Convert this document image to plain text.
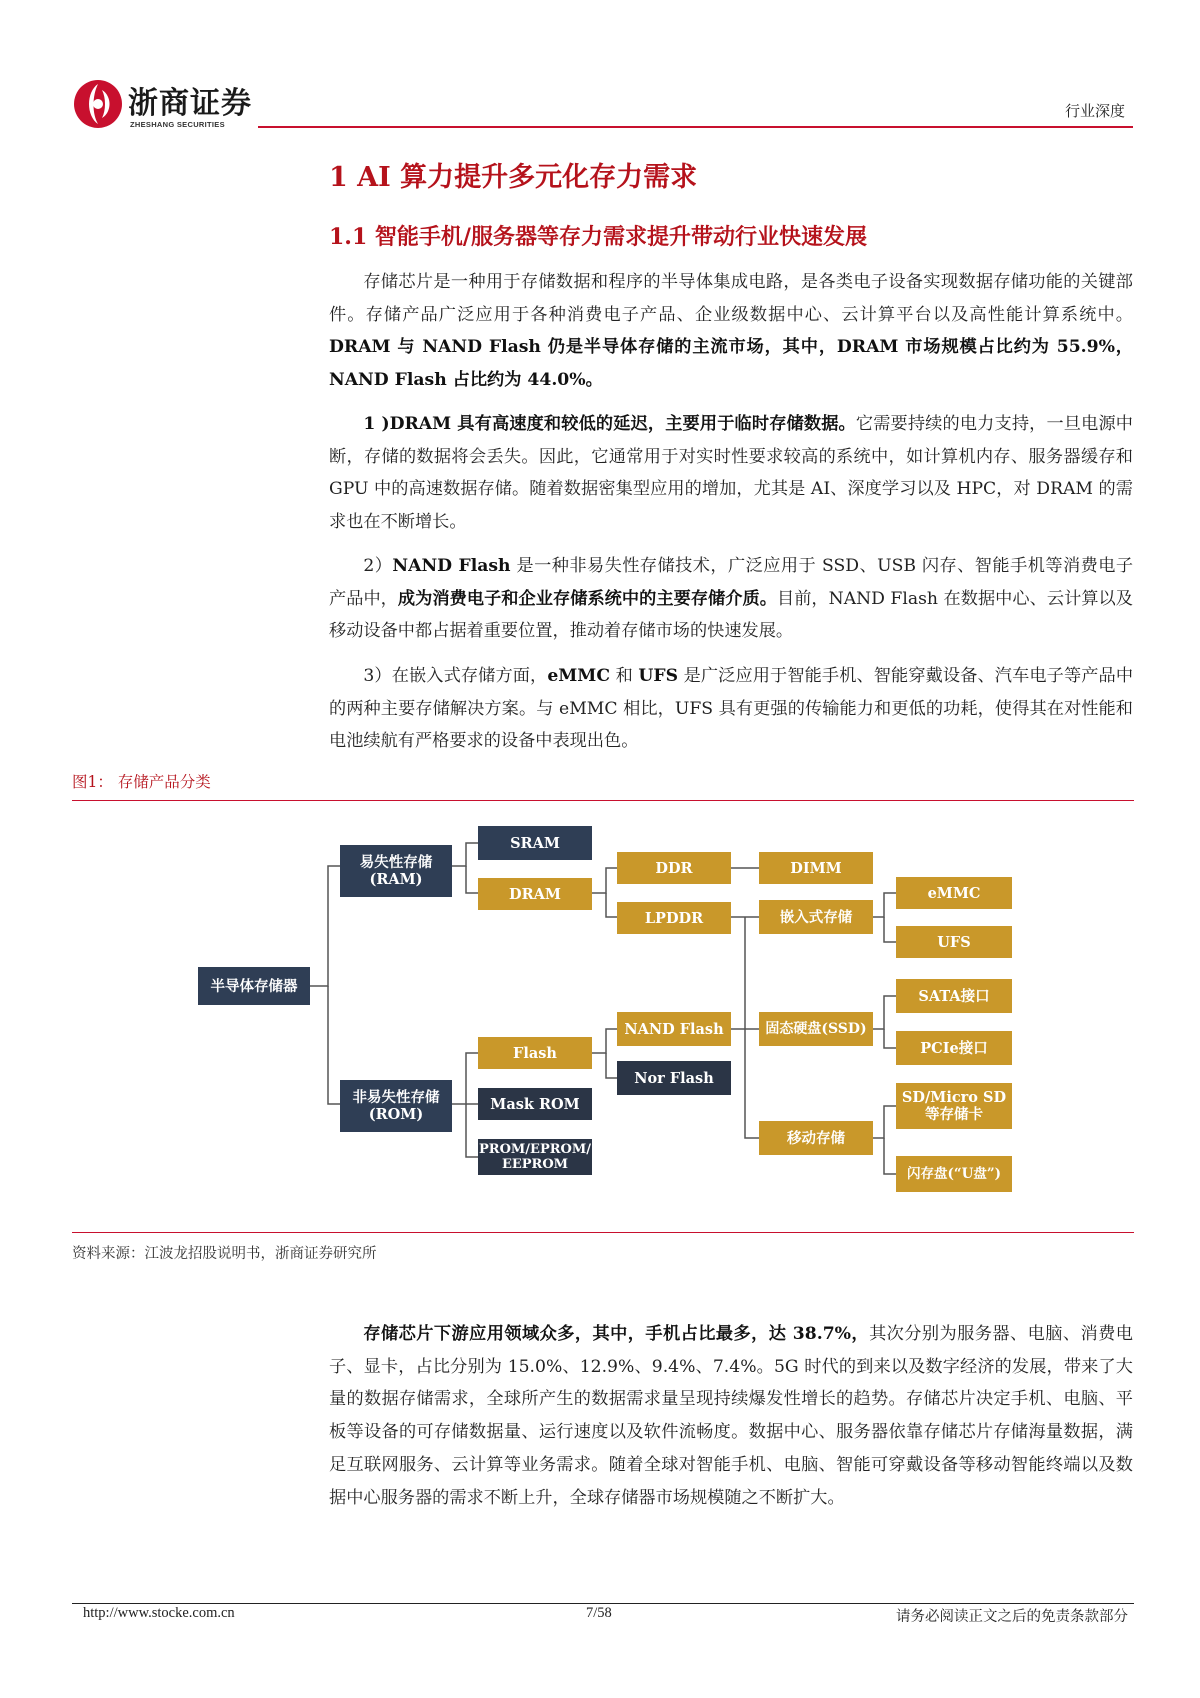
浙商证券
ZHESHANG SECURITIES
行业深度
1 AI 算力提升多元化存力需求
1.1 智能手机/服务器等存力需求提升带动行业快速发展
存储芯片是一种用于存储数据和程序的半导体集成电路，是各类电子设备实现数据存储功能的关键部件。存储产品广泛应用于各种消费电子产品、企业级数据中心、云计算平台以及高性能计算系统中。DRAM 与 NAND Flash 仍是半导体存储的主流市场，其中，DRAM 市场规模占比约为 55.9%，NAND Flash 占比约为 44.0%。
1 )DRAM 具有高速度和较低的延迟，主要用于临时存储数据。它需要持续的电力支持，一旦电源中断，存储的数据将会丢失。因此，它通常用于对实时性要求较高的系统中，如计算机内存、服务器缓存和 GPU 中的高速数据存储。随着数据密集型应用的增加，尤其是 AI、深度学习以及 HPC，对 DRAM 的需求也在不断增长。
2）NAND Flash 是一种非易失性存储技术，广泛应用于 SSD、USB 闪存、智能手机等消费电子产品中，成为消费电子和企业存储系统中的主要存储介质。目前，NAND Flash 在数据中心、云计算以及移动设备中都占据着重要位置，推动着存储市场的快速发展。
3）在嵌入式存储方面，eMMC 和 UFS 是广泛应用于智能手机、智能穿戴设备、汽车电子等产品中的两种主要存储解决方案。与 eMMC 相比，UFS 具有更强的传输能力和更低的功耗，使得其在对性能和电池续航有严格要求的设备中表现出色。
图1： 存储产品分类
半导体存储器
易失性存储
(RAM)
非易失性存储
(ROM)
SRAM
DRAM
DDR
LPDDR
DIMM
嵌入式存储
eMMC
UFS
Flash
Mask ROM
PROM/EPROM/
EEPROM
NAND Flash
Nor Flash
固态硬盘(SSD)
移动存储
SATA接口
PCIe接口
SD/Micro SD
等存储卡
闪存盘(“U盘”)
资料来源：江波龙招股说明书，浙商证券研究所
存储芯片下游应用领域众多，其中，手机占比最多，达 38.7%，其次分别为服务器、电脑、消费电子、显卡，占比分别为 15.0%、12.9%、9.4%、7.4%。5G 时代的到来以及数字经济的发展，带来了大量的数据存储需求，全球所产生的数据需求量呈现持续爆发性增长的趋势。存储芯片决定手机、电脑、平板等设备的可存储数据量、运行速度以及软件流畅度。数据中心、服务器依靠存储芯片存储海量数据，满足互联网服务、云计算等业务需求。随着全球对智能手机、电脑、智能可穿戴设备等移动智能终端以及数据中心服务器的需求不断上升，全球存储器市场规模随之不断扩大。
http://www.stocke.com.cn	7/58	请务必阅读正文之后的免责条款部分
